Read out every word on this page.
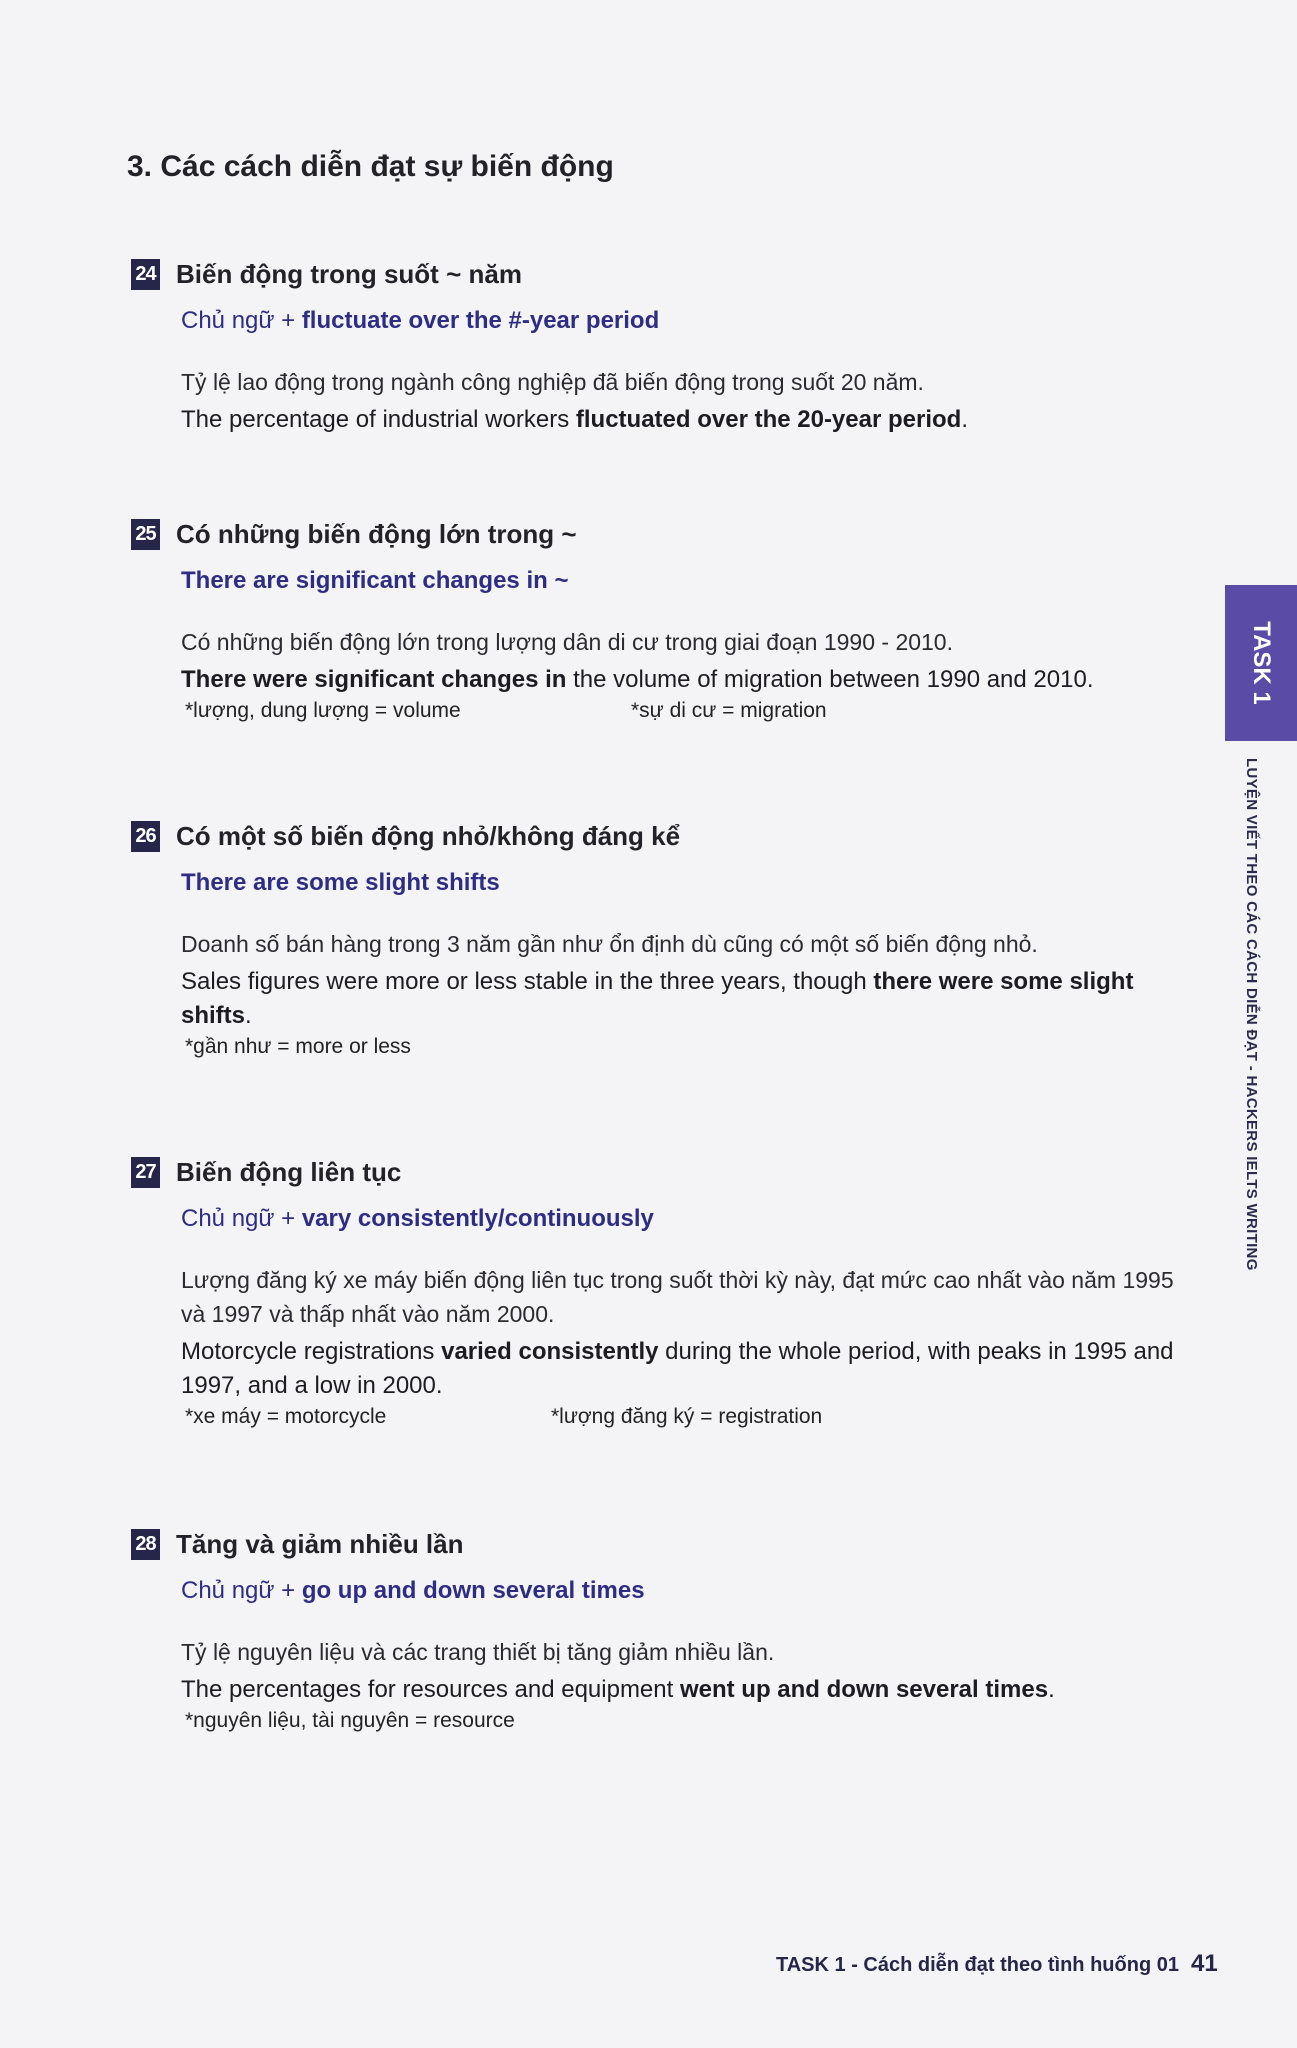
3. Các cách diễn đạt sự biến động
24 Biến động trong suốt ~ năm
Chủ ngữ + fluctuate over the #-year period
Tỷ lệ lao động trong ngành công nghiệp đã biến động trong suốt 20 năm.
The percentage of industrial workers fluctuated over the 20-year period.
25 Có những biến động lớn trong ~
There are significant changes in ~
Có những biến động lớn trong lượng dân di cư trong giai đoạn 1990 - 2010.
There were significant changes in the volume of migration between 1990 and 2010.
*lượng, dung lượng = volume	*sự di cư = migration
26 Có một số biến động nhỏ/không đáng kể
There are some slight shifts
Doanh số bán hàng trong 3 năm gần như ổn định dù cũng có một số biến động nhỏ.
Sales figures were more or less stable in the three years, though there were some slight shifts.
*gần như = more or less
27 Biến động liên tục
Chủ ngữ + vary consistently/continuously
Lượng đăng ký xe máy biến động liên tục trong suốt thời kỳ này, đạt mức cao nhất vào năm 1995 và 1997 và thấp nhất vào năm 2000.
Motorcycle registrations varied consistently during the whole period, with peaks in 1995 and 1997, and a low in 2000.
*xe máy = motorcycle	*lượng đăng ký = registration
28 Tăng và giảm nhiều lần
Chủ ngữ + go up and down several times
Tỷ lệ nguyên liệu và các trang thiết bị tăng giảm nhiều lần.
The percentages for resources and equipment went up and down several times.
*nguyên liệu, tài nguyên = resource
TASK 1
LUYỆN VIẾT THEO CÁC CÁCH DIỄN ĐẠT - HACKERS IELTS WRITING
TASK 1 - Cách diễn đạt theo tình huống 01 41
